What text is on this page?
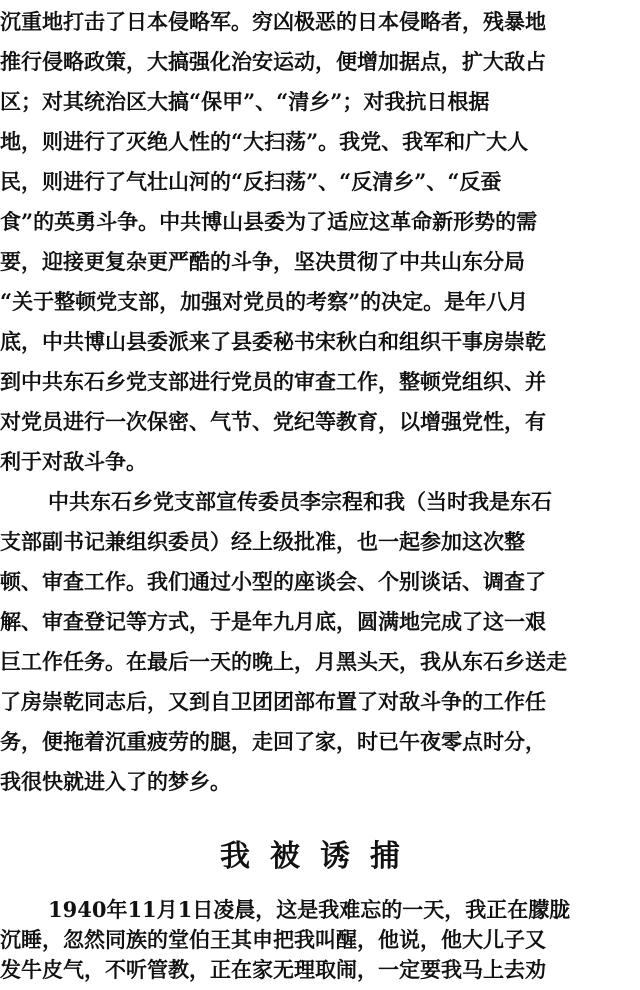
沉重地打击了日本侵略军。穷凶极恶的日本侵略者，残暴地
推行侵略政策，大搞强化治安运动，便增加据点，扩大敌占
区；对其统治区大搞“保甲”、“清乡”；对我抗日根据
地，则进行了灭绝人性的“大扫荡”。我党、我军和广大人
民，则进行了气壮山河的“反扫荡”、“反清乡”、“反蚕
食”的英勇斗争。中共博山县委为了适应这革命新形势的需
要，迎接更复杂更严酷的斗争，坚决贯彻了中共山东分局
“关于整顿党支部，加强对党员的考察”的决定。是年八月
底，中共博山县委派来了县委秘书宋秋白和组织干事房崇乾
到中共东石乡党支部进行党员的审查工作，整顿党组织、并
对党员进行一次保密、气节、党纪等教育，以增强党性，有
利于对敌斗争。
中共东石乡党支部宣传委员李宗程和我（当时我是东石
支部副书记兼组织委员）经上级批准，也一起参加这次整
顿、审查工作。我们通过小型的座谈会、个别谈话、调查了
解、审查登记等方式，于是年九月底，圆满地完成了这一艰
巨工作任务。在最后一天的晚上，月黑头天，我从东石乡送走
了房崇乾同志后，又到自卫团团部布置了对敌斗争的工作任
务，便拖着沉重疲劳的腿，走回了家，时已午夜零点时分，
我很快就进入了的梦乡。
我被诱捕
1940年11月1日凌晨，这是我难忘的一天，我正在朦胧
沉睡，忽然同族的堂伯王其申把我叫醒，他说，他大儿子又
发牛皮气，不听管教，正在家无理取闹，一定要我马上去劝
